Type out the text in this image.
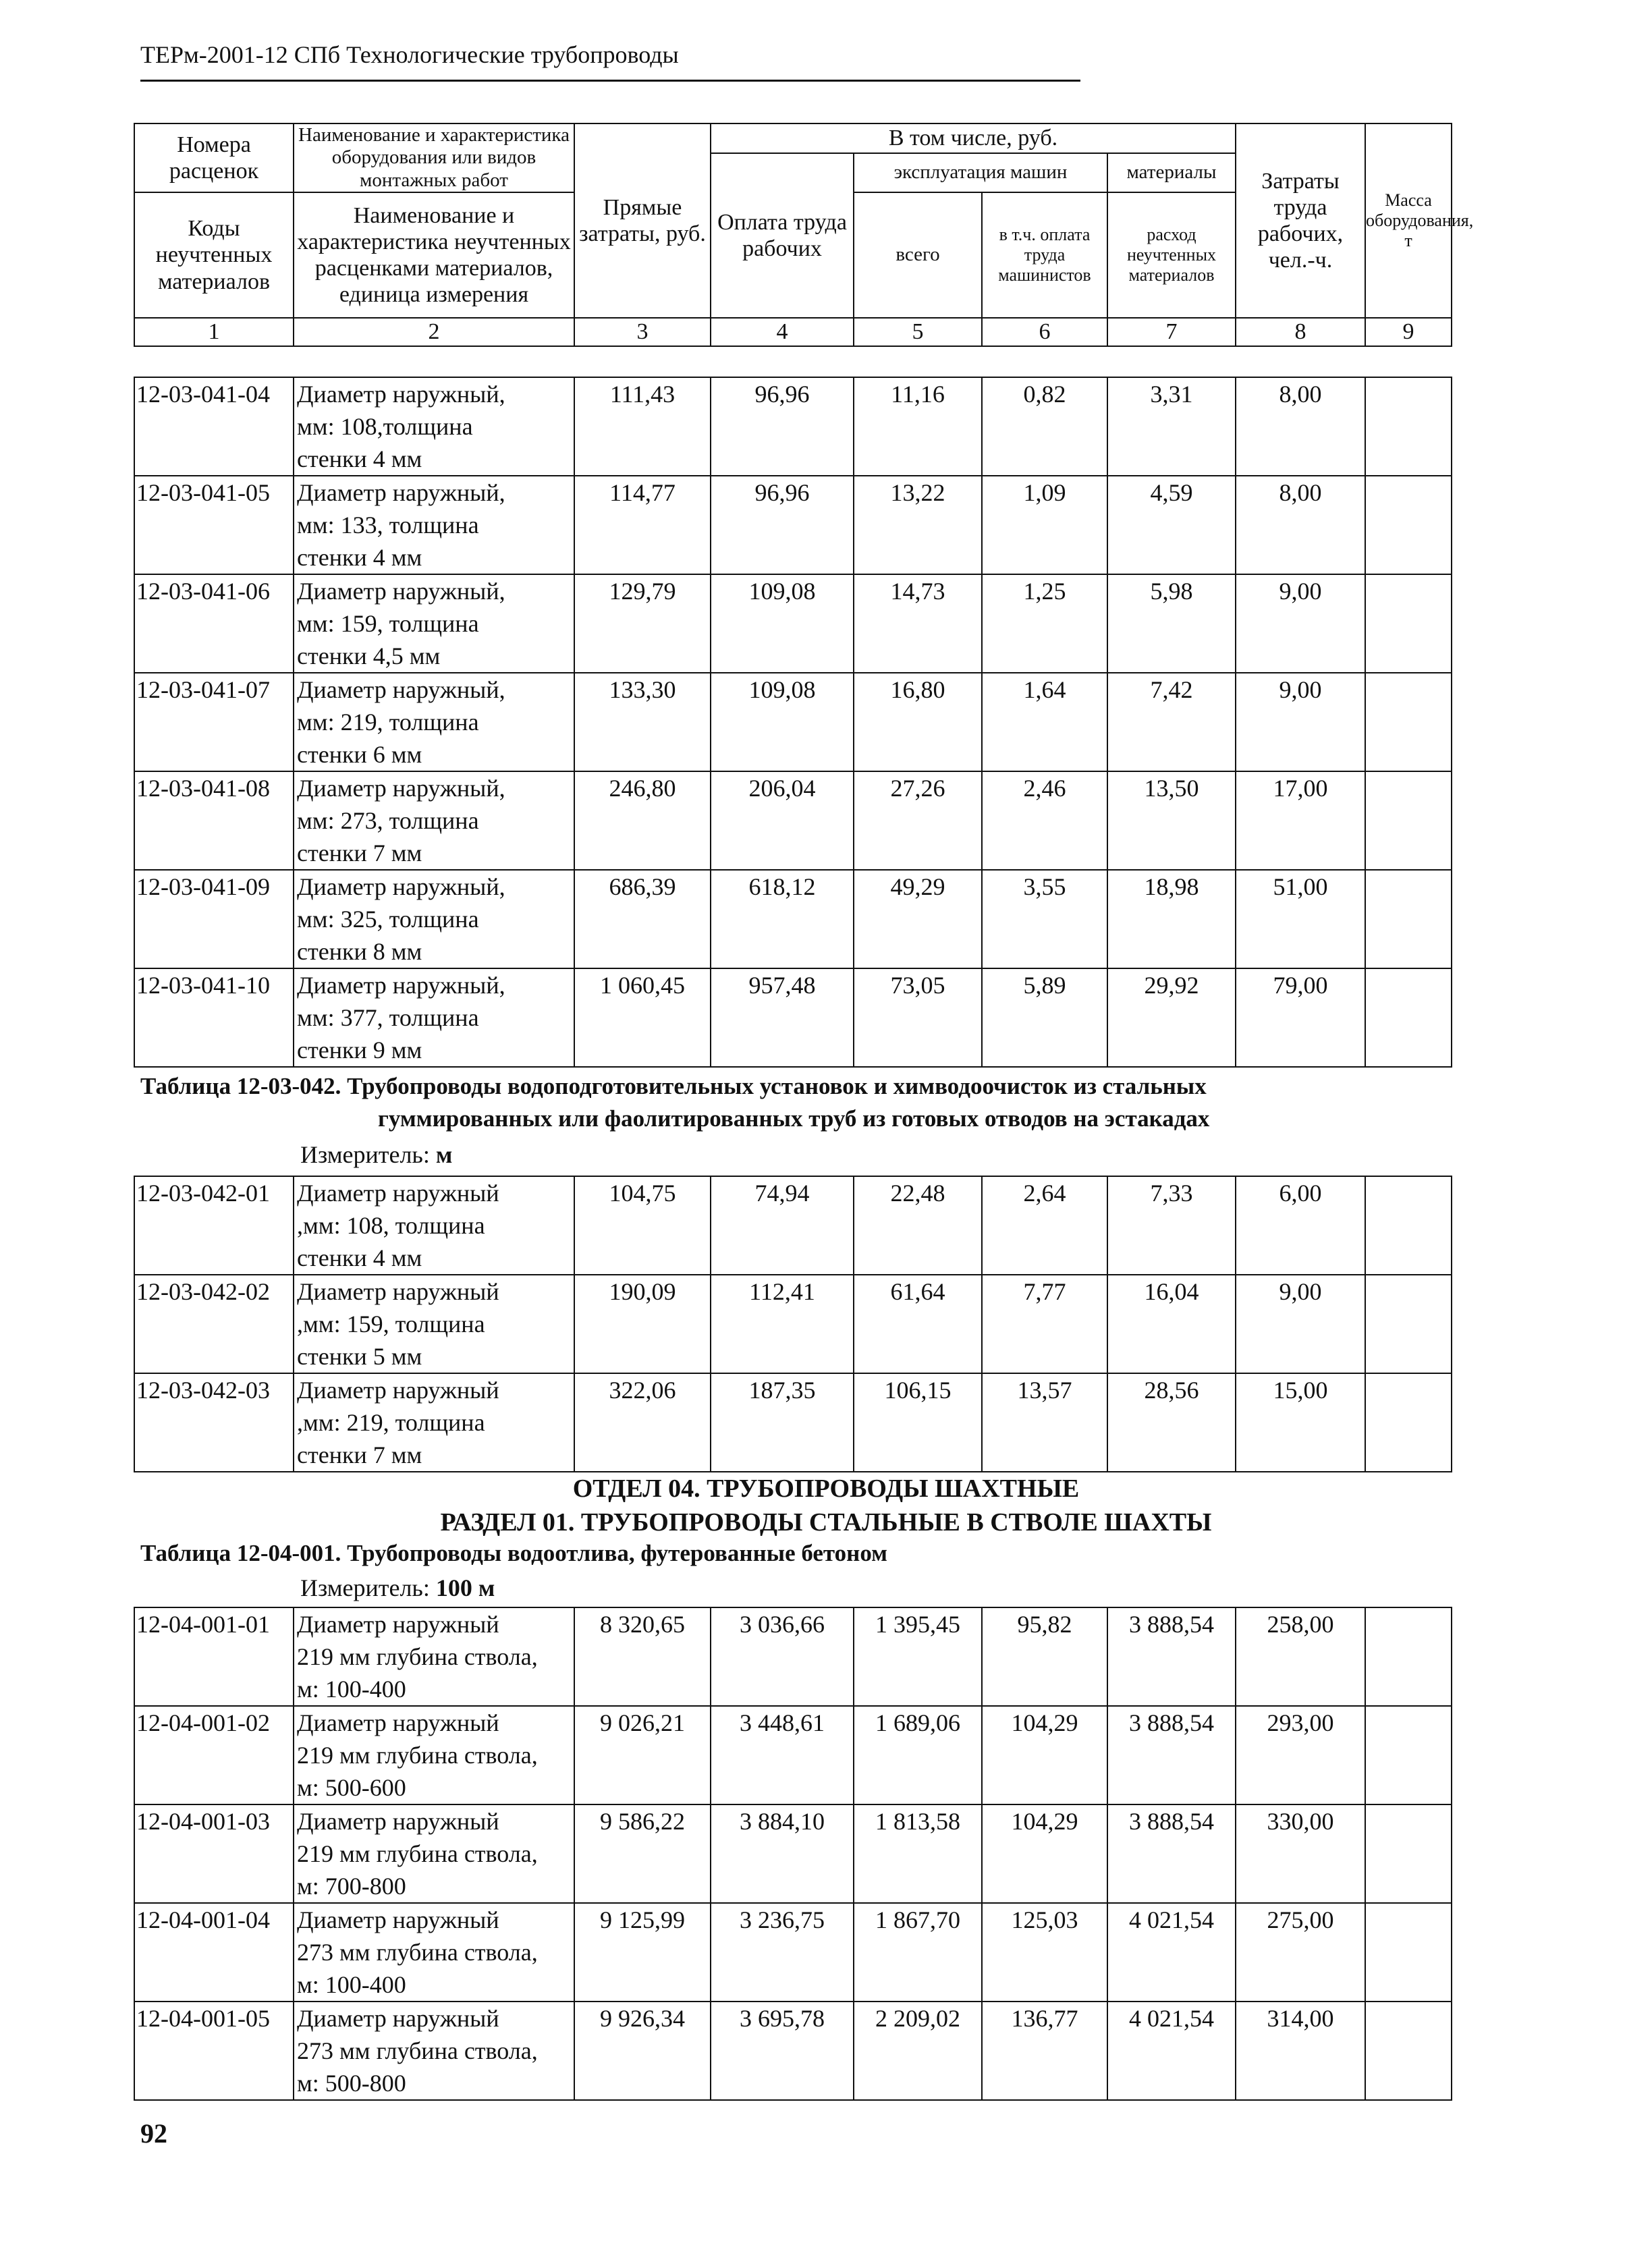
ТЕРм-2001-12 СПб Технологические трубопроводы
Номера расценок	Наименование и характеристика оборудования или видов монтажных работ	Прямые затраты, руб.	В том числе, руб.				Затраты труда рабочих, чел.-ч.	Масса оборудования, т
			Оплата труда рабочих	эксплуатация машин		материалы		
Коды неучтенных материалов	Наименование и характеристика неучтенных расценками материалов, единица измерения			всего	в т.ч. оплата труда машинистов	расход неучтенных материалов		

1	2	3	4	5	6	7	8	9
12-03-041-04	Диаметр наружный,
мм: 108,толщина
стенки 4 мм	111,43	96,96	11,16	0,82	3,31	8,00	
12-03-041-05	Диаметр наружный,
мм: 133, толщина
стенки 4 мм	114,77	96,96	13,22	1,09	4,59	8,00	
12-03-041-06	Диаметр наружный,
мм: 159, толщина
стенки 4,5 мм	129,79	109,08	14,73	1,25	5,98	9,00	
12-03-041-07	Диаметр наружный,
мм: 219, толщина
стенки 6 мм	133,30	109,08	16,80	1,64	7,42	9,00	
12-03-041-08	Диаметр наружный,
мм: 273, толщина
стенки 7 мм	246,80	206,04	27,26	2,46	13,50	17,00	
12-03-041-09	Диаметр наружный,
мм: 325, толщина
стенки 8 мм	686,39	618,12	49,29	3,55	18,98	51,00	
12-03-041-10	Диаметр наружный,
мм: 377, толщина
стенки 9 мм	1 060,45	957,48	73,05	5,89	29,92	79,00	
Таблица 12-03-042. Трубопроводы водоподготовительных установок и химводоочисток из стальных
гуммированных или фаолитированных труб из готовых отводов на эстакадах
Измеритель: м
12-03-042-01	Диаметр наружный
,мм: 108, толщина
стенки 4 мм	104,75	74,94	22,48	2,64	7,33	6,00	
12-03-042-02	Диаметр наружный
,мм: 159, толщина
стенки 5 мм	190,09	112,41	61,64	7,77	16,04	9,00	
12-03-042-03	Диаметр наружный
,мм: 219, толщина
стенки 7 мм	322,06	187,35	106,15	13,57	28,56	15,00	
ОТДЕЛ 04. ТРУБОПРОВОДЫ ШАХТНЫЕ
РАЗДЕЛ 01. ТРУБОПРОВОДЫ СТАЛЬНЫЕ В СТВОЛЕ ШАХТЫ
Таблица 12-04-001. Трубопроводы водоотлива, футерованные бетоном
Измеритель: 100 м
12-04-001-01	Диаметр наружный
219 мм глубина ствола,
м: 100-400	8 320,65	3 036,66	1 395,45	95,82	3 888,54	258,00	
12-04-001-02	Диаметр наружный
219 мм глубина ствола,
м: 500-600	9 026,21	3 448,61	1 689,06	104,29	3 888,54	293,00	
12-04-001-03	Диаметр наружный
219 мм глубина ствола,
м: 700-800	9 586,22	3 884,10	1 813,58	104,29	3 888,54	330,00	
12-04-001-04	Диаметр наружный
273 мм глубина ствола,
м: 100-400	9 125,99	3 236,75	1 867,70	125,03	4 021,54	275,00	
12-04-001-05	Диаметр наружный
273 мм глубина ствола,
м: 500-800	9 926,34	3 695,78	2 209,02	136,77	4 021,54	314,00	
92
